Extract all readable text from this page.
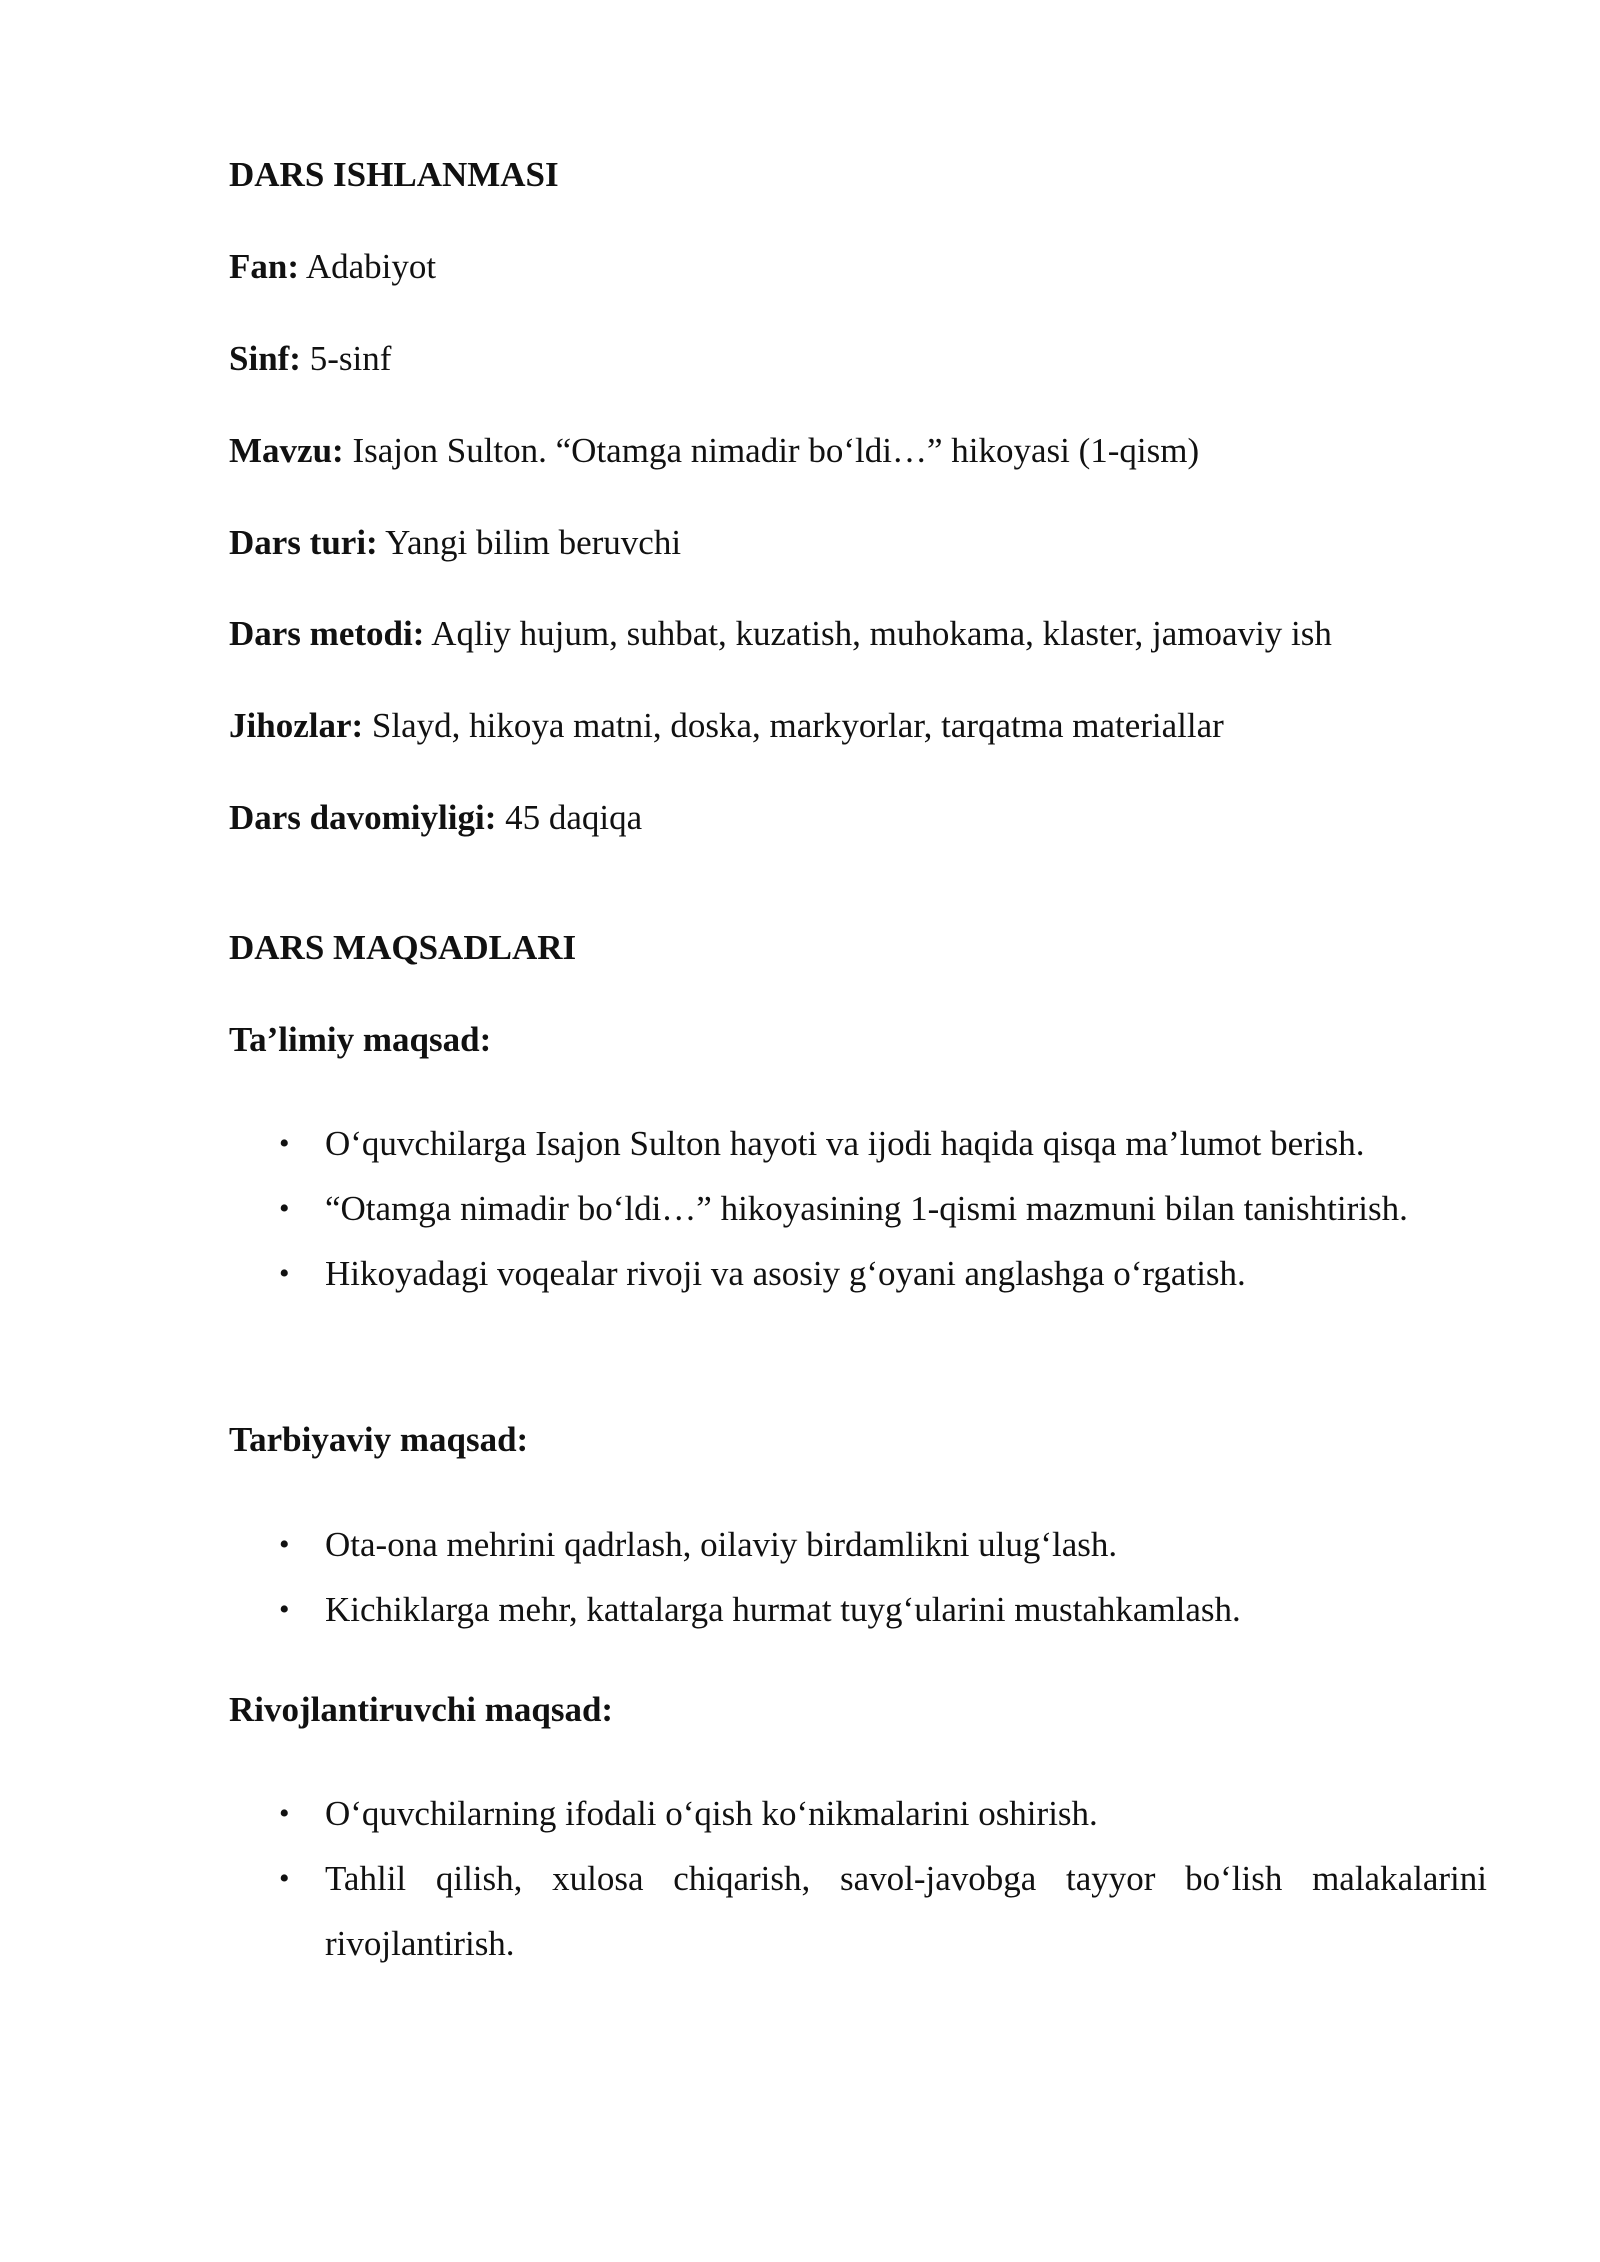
DARS ISHLANMASI
Fan: Adabiyot
Sinf: 5-sinf
Mavzu: Isajon Sulton. “Otamga nimadir bo‘ldi…” hikoyasi (1-qism)
Dars turi: Yangi bilim beruvchi
Dars metodi: Aqliy hujum, suhbat, kuzatish, muhokama, klaster, jamoaviy ish
Jihozlar: Slayd, hikoya matni, doska, markyorlar, tarqatma materiallar
Dars davomiyligi: 45 daqiqa
DARS MAQSADLARI
Ta’limiy maqsad:
• O‘quvchilarga Isajon Sulton hayoti va ijodi haqida qisqa ma’lumot berish.
• “Otamga nimadir bo‘ldi…” hikoyasining 1-qismi mazmuni bilan tanishtirish.
• Hikoyadagi voqealar rivoji va asosiy g‘oyani anglashga o‘rgatish.
Tarbiyaviy maqsad:
• Ota-ona mehrini qadrlash, oilaviy birdamlikni ulug‘lash.
• Kichiklarga mehr, kattalarga hurmat tuyg‘ularini mustahkamlash.
Rivojlantiruvchi maqsad:
• O‘quvchilarning ifodali o‘qish ko‘nikmalarini oshirish.
• Tahlil qilish, xulosa chiqarish, savol-javobga tayyor bo‘lish malakalarini rivojlantirish.
